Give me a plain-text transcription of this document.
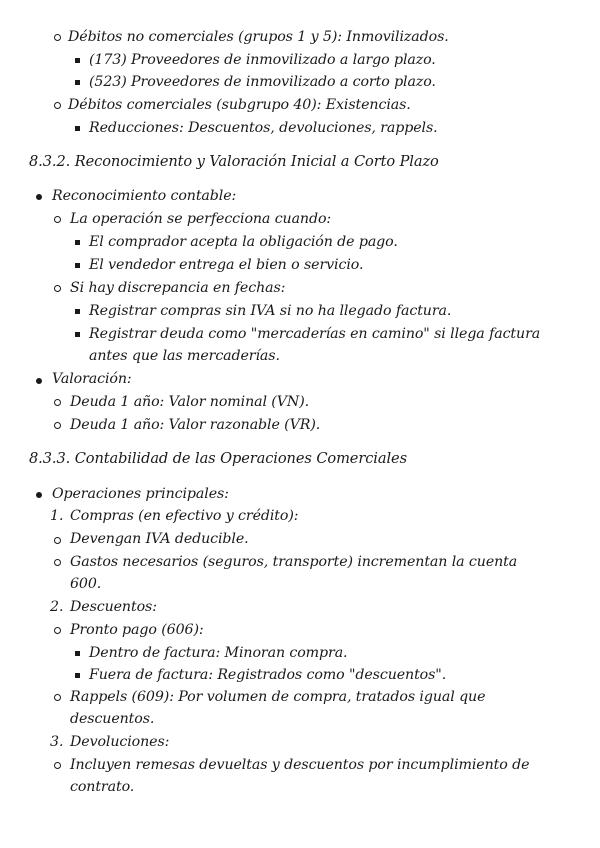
Débitos no comerciales (grupos 1 y 5): Inmovilizados.
(173) Proveedores de inmovilizado a largo plazo.
(523) Proveedores de inmovilizado a corto plazo.
Débitos comerciales (subgrupo 40): Existencias.
Reducciones: Descuentos, devoluciones, rappels.
8.3.2. Reconocimiento y Valoración Inicial a Corto Plazo
Reconocimiento contable:
La operación se perfecciona cuando:
El comprador acepta la obligación de pago.
El vendedor entrega el bien o servicio.
Si hay discrepancia en fechas:
Registrar compras sin IVA si no ha llegado factura.
Registrar deuda como "mercaderías en camino" si llega factura
antes que las mercaderías.
Valoración:
Deuda 1 año: Valor nominal (VN).
Deuda 1 año: Valor razonable (VR).
8.3.3. Contabilidad de las Operaciones Comerciales
Operaciones principales:
1. Compras (en efectivo y crédito):
Devengan IVA deducible.
Gastos necesarios (seguros, transporte) incrementan la cuenta
600.
2. Descuentos:
Pronto pago (606):
Dentro de factura: Minoran compra.
Fuera de factura: Registrados como "descuentos".
Rappels (609): Por volumen de compra, tratados igual que
descuentos.
3. Devoluciones:
Incluyen remesas devueltas y descuentos por incumplimiento de
contrato.
